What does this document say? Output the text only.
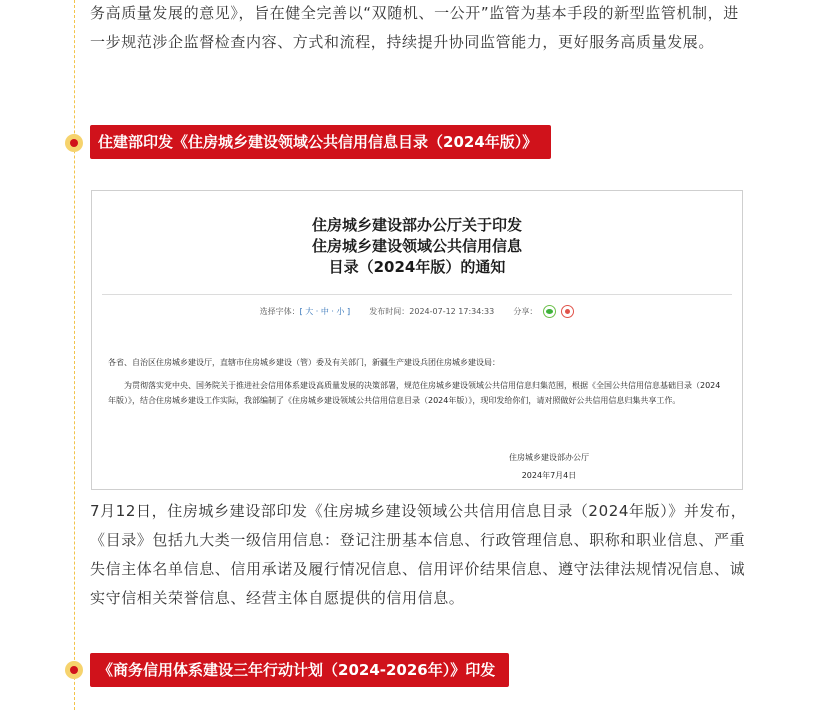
务高质量发展的意见》，旨在健全完善以“双随机、一公开”监管为基本手段的新型监管机制，进一步规范涉企监督检查内容、方式和流程，持续提升协同监管能力，更好服务高质量发展。

住建部印发《住房城乡建设领域公共信用信息目录（2024年版）》
住房城乡建设部办公厅关于印发
住房城乡建设领域公共信用信息
目录（2024年版）的通知
选择字体：[ 大 · 中 · 小 ] 发布时间：2024-07-12 17:34:33 分享：

各省、自治区住房城乡建设厅，直辖市住房城乡建设（管）委及有关部门，新疆生产建设兵团住房城乡建设局：

为贯彻落实党中央、国务院关于推进社会信用体系建设高质量发展的决策部署，规范住房城乡建设领域公共信用信息归集范围，根据《全国公共信用信息基础目录（2024年版）》，结合住房城乡建设工作实际，我部编制了《住房城乡建设领域公共信用信息目录（2024年版）》，现印发给你们，请对照做好公共信用信息归集共享工作。

住房城乡建设部办公厅
2024年7月4日

7月12日，住房城乡建设部印发《住房城乡建设领域公共信用信息目录（2024年版）》并发布，《目录》包括九大类一级信用信息：登记注册基本信息、行政管理信息、职称和职业信息、严重失信主体名单信息、信用承诺及履行情况信息、信用评价结果信息、遵守法律法规情况信息、诚实守信相关荣誉信息、经营主体自愿提供的信用信息。

《商务信用体系建设三年行动计划（2024-2026年）》印发
